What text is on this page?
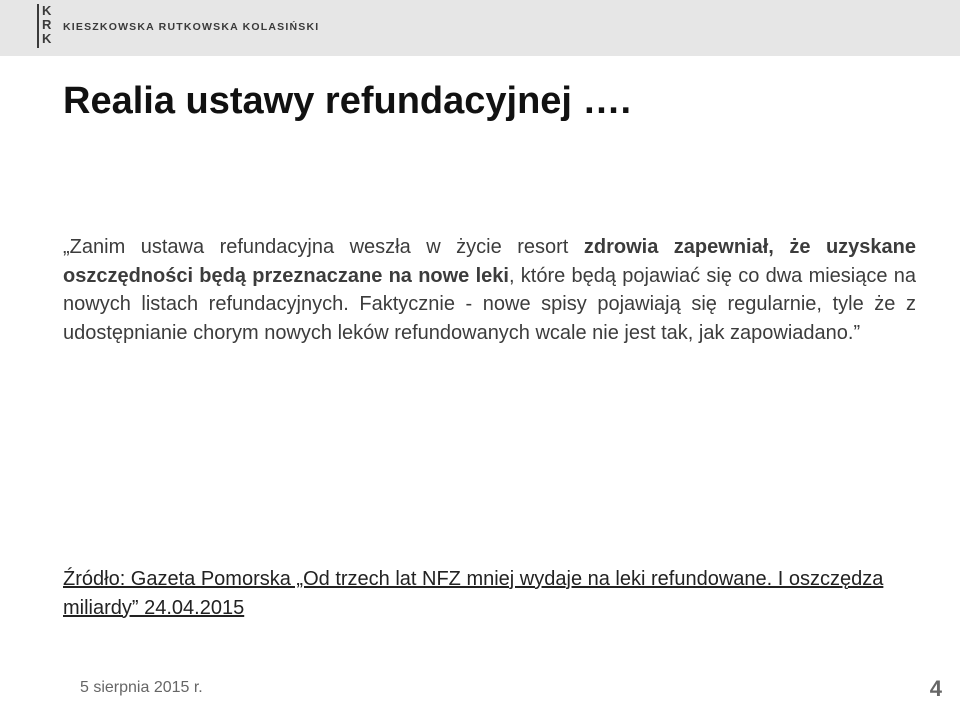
K
R
K
KIESZKOWSKA RUTKOWSKA KOLASIŃSKI
Realia ustawy refundacyjnej ….

„Zanim ustawa refundacyjna weszła w życie resort zdrowia zapewniał, że uzyskane oszczędności będą przeznaczane na nowe leki, które będą pojawiać się co dwa miesiące na nowych listach refundacyjnych. Faktycznie - nowe spisy pojawiają się regularnie, tyle że z udostępnianie chorym nowych leków refundowanych wcale nie jest tak, jak zapowiadano.”

Źródło: Gazeta Pomorska „Od trzech lat NFZ mniej wydaje na leki refundowane. I oszczędza miliardy” 24.04.2015

5 sierpnia 2015 r.	4
